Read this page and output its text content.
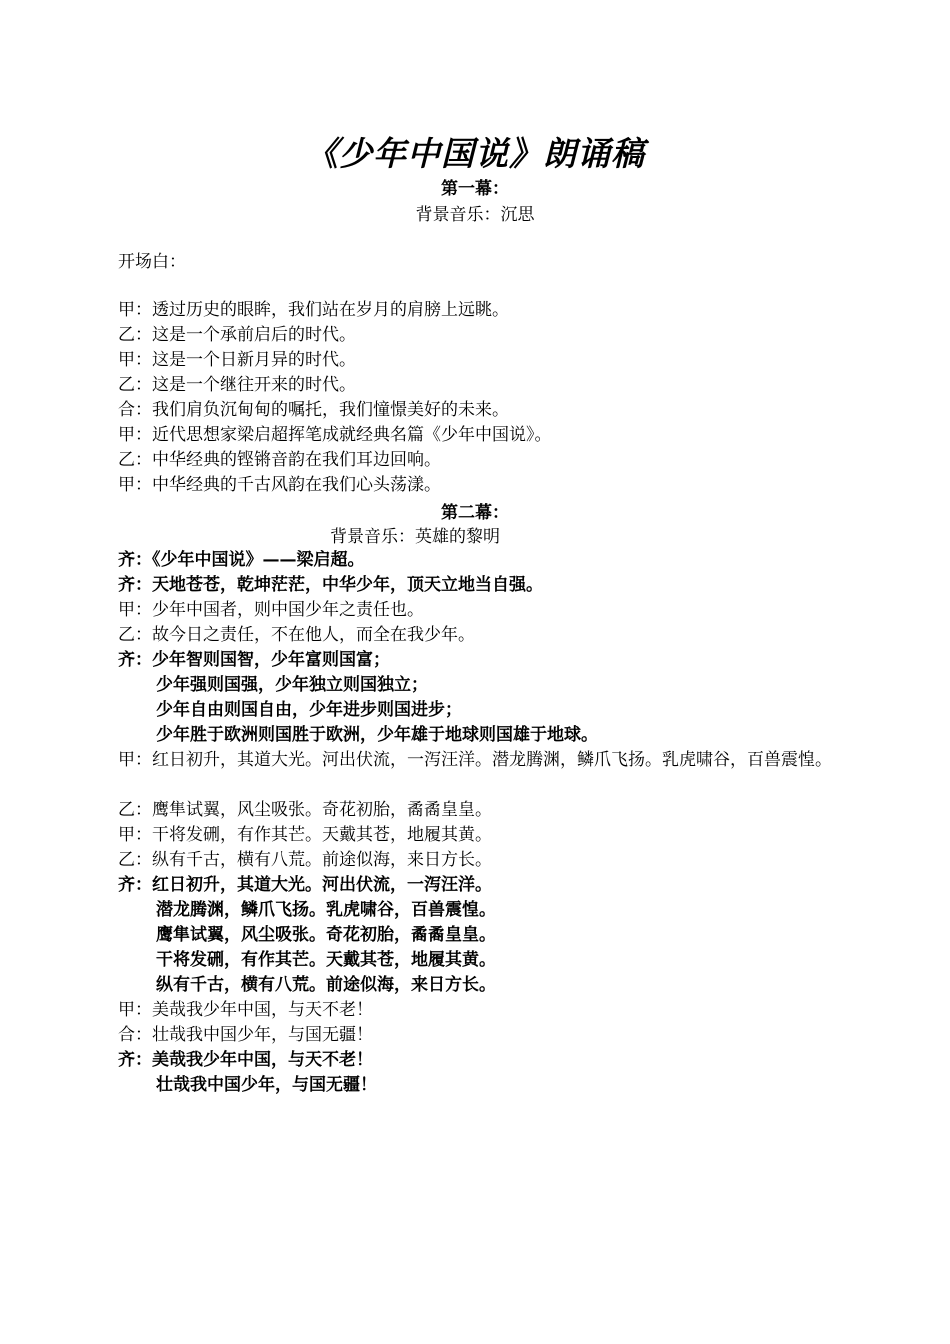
《少年中国说》朗诵稿

第一幕：

背景音乐：沉思

开场白：

甲：透过历史的眼眸，我们站在岁月的肩膀上远眺。

乙：这是一个承前启后的时代。

甲：这是一个日新月异的时代。

乙：这是一个继往开来的时代。

合：我们肩负沉甸甸的嘱托，我们憧憬美好的未来。

甲：近代思想家梁启超挥笔成就经典名篇《少年中国说》。

乙：中华经典的铿锵音韵在我们耳边回响。

甲：中华经典的千古风韵在我们心头荡漾。

第二幕：

背景音乐：英雄的黎明

齐：《少年中国说》——梁启超。

齐：天地苍苍，乾坤茫茫，中华少年，顶天立地当自强。

甲：少年中国者，则中国少年之责任也。

乙：故今日之责任，不在他人，而全在我少年。

齐：少年智则国智，少年富则国富；

少年强则国强，少年独立则国独立；

少年自由则国自由，少年进步则国进步；

少年胜于欧洲则国胜于欧洲，少年雄于地球则国雄于地球。

甲：红日初升，其道大光。河出伏流，一泻汪洋。潜龙腾渊，鳞爪飞扬。乳虎啸谷，百兽震惶。

乙：鹰隼试翼，风尘吸张。奇花初胎，矞矞皇皇。

甲：干将发硎，有作其芒。天戴其苍，地履其黄。

乙：纵有千古，横有八荒。前途似海，来日方长。

齐：红日初升，其道大光。河出伏流，一泻汪洋。

潜龙腾渊，鳞爪飞扬。乳虎啸谷，百兽震惶。

鹰隼试翼，风尘吸张。奇花初胎，矞矞皇皇。

干将发硎，有作其芒。天戴其苍，地履其黄。

纵有千古，横有八荒。前途似海，来日方长。

甲：美哉我少年中国，与天不老！

合：壮哉我中国少年，与国无疆！

齐：美哉我少年中国，与天不老！

壮哉我中国少年，与国无疆！
